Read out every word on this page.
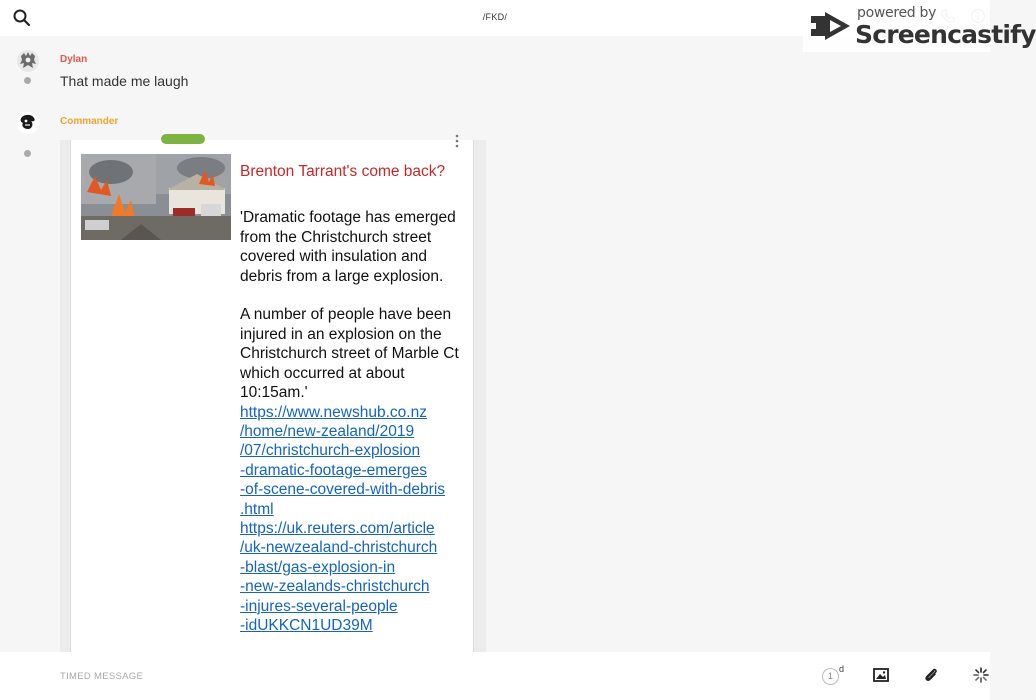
/FKD/	powered by
Screencastify
Dylan
That made me laugh
Commander

Brenton Tarrant's come back?

'Dramatic footage has emerged from the Christchurch street covered with insulation and debris from a large explosion.

A number of people have been injured in an explosion on the Christchurch street of Marble Ct which occurred at about 10:15am.'

https://www.newshub.co.nz
/home/new-zealand/2019
/07/christchurch-explosion
-dramatic-footage-emerges
-of-scene-covered-with-debris
.html
https://uk.reuters.com/article
/uk-newzealand-christchurch
-blast/gas-explosion-in
-new-zealands-christchurch
-injures-several-people
-idUKKCN1UD39M
TIMED MESSAGE
1
d
